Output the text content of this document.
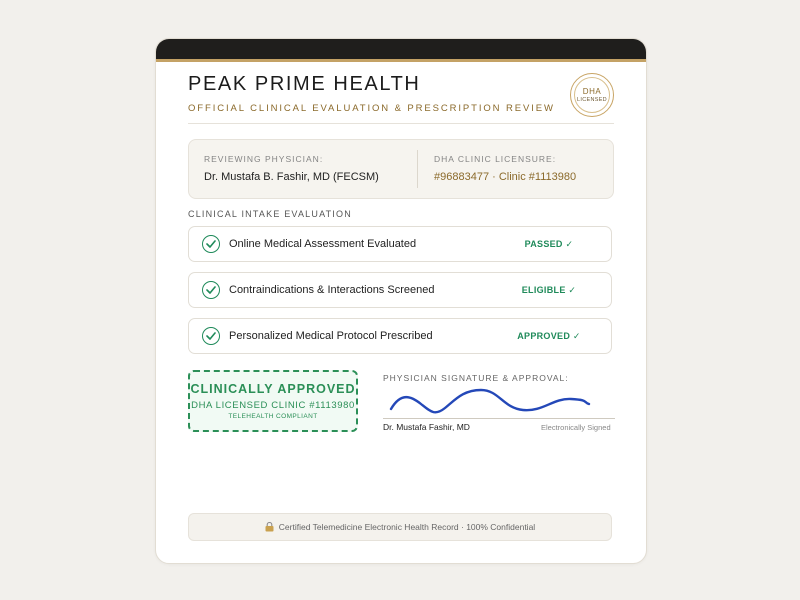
PEAK PRIME HEALTH
OFFICIAL CLINICAL EVALUATION & PRESCRIPTION REVIEW
DHA
LICENSED
REVIEWING PHYSICIAN:
Dr. Mustafa B. Fashir, MD (FECSM)
DHA CLINIC LICENSURE:
#96883477 · Clinic #1113980
CLINICAL INTAKE EVALUATION
Online Medical Assessment Evaluated	PASSED ✓
Contraindications & Interactions Screened	ELIGIBLE ✓
Personalized Medical Protocol Prescribed	APPROVED ✓
CLINICALLY APPROVED
DHA LICENSED CLINIC #1113980
TELEHEALTH COMPLIANT
PHYSICIAN SIGNATURE & APPROVAL:
Dr. Mustafa Fashir, MD	Electronically Signed
Certified Telemedicine Electronic Health Record · 100% Confidential
